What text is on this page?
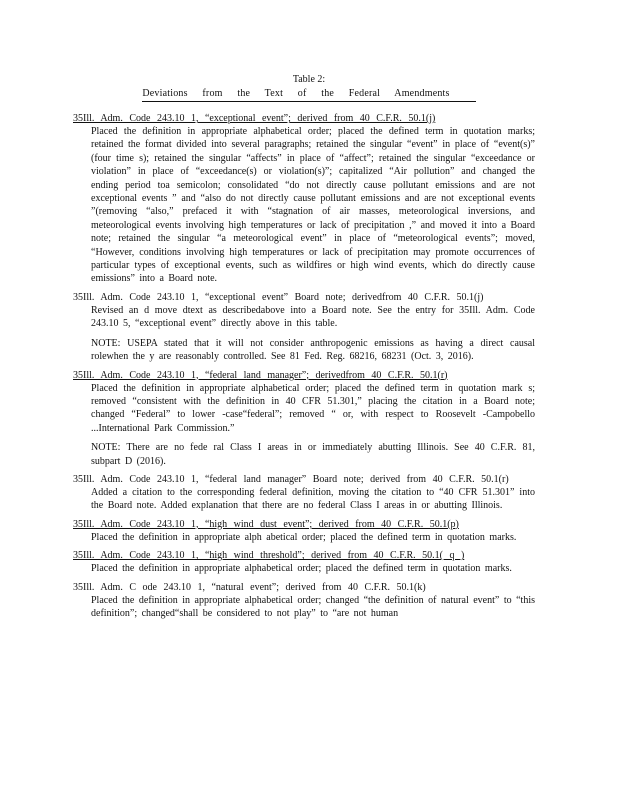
Table 2:
Deviations from the Text of the Federal Amendments
35Ill. Adm. Code 243.10 1, “exceptional event”; derived from 40 C.F.R. 50.1(j)
Placed the definition in appropriate alphabetical order; placed the defined term in quotation marks; retained the format divided into several paragraphs; retained the singular “event” in place of “event(s)” (four time s); retained the singular “affects” in place of “affect”; retained the singular “exceedance or violation” in place of “exceedance(s) or violation(s)”; capitalized “Air pollution” and changed the ending period toa semicolon; consolidated “do not directly cause pollutant emissions and are not exceptional events ” and “also do not directly cause pollutant emissions and are not exceptional events ”(removing “also,” prefaced it with “stagnation of air masses, meteorological inversions, and meteorological events involving high temperatures or lack of precipitation ,” and moved it into a Board note; retained the singular “a meteorological event” in place of “meteorological events”; moved, “However, conditions involving high temperatures or lack of precipitation may promote occurrences of particular types of exceptional events, such as wildfires or high wind events, which do directly cause emissions” into a Board note.
35Ill. Adm. Code 243.10 1, “exceptional event” Board note; derivedfrom 40 C.F.R. 50.1(j)
Revised an d move dtext as describedabove into a Board note. See the entry for 35Ill. Adm. Code 243.10 5, “exceptional event” directly above in this table.
NOTE: USEPA stated that it will not consider anthropogenic emissions as having a direct causal rolewhen the y are reasonably controlled. See 81 Fed. Reg. 68216, 68231 (Oct. 3, 2016).
35Ill. Adm. Code 243.10 1, “federal land manager”; derivedfrom 40 C.F.R. 50.1(r)
Placed the definition in appropriate alphabetical order; placed the defined term in quotation mark s; removed “consistent with the definition in 40 CFR 51.301,” placing the citation in a Board note; changed “Federal” to lower -case“federal”; removed “ or, with respect to Roosevelt -Campobello ...International Park Commission.”
NOTE: There are no fede ral Class I areas in or immediately abutting Illinois. See 40 C.F.R. 81, subpart D (2016).
35Ill. Adm. Code 243.10 1, “federal land manager” Board note; derived from 40 C.F.R. 50.1(r)
Added a citation to the corresponding federal definition, moving the citation to “40 CFR 51.301” into the Board note. Added explanation that there are no federal Class I areas in or abutting Illinois.
35Ill. Adm. Code 243.10 1, “high wind dust event”; derived from 40 C.F.R. 50.1(p)
Placed the definition in appropriate alph abetical order; placed the defined term in quotation marks.
35Ill. Adm. Code 243.10 1, “high wind threshold”; derived from 40 C.F.R. 50.1( q )
Placed the definition in appropriate alphabetical order; placed the defined term in quotation marks.
35Ill. Adm. C ode 243.10 1, “natural event”; derived from 40 C.F.R. 50.1(k)
Placed the definition in appropriate alphabetical order; changed “the definition of natural event” to “this definition”; changed“shall be considered to not play” to “are not human
